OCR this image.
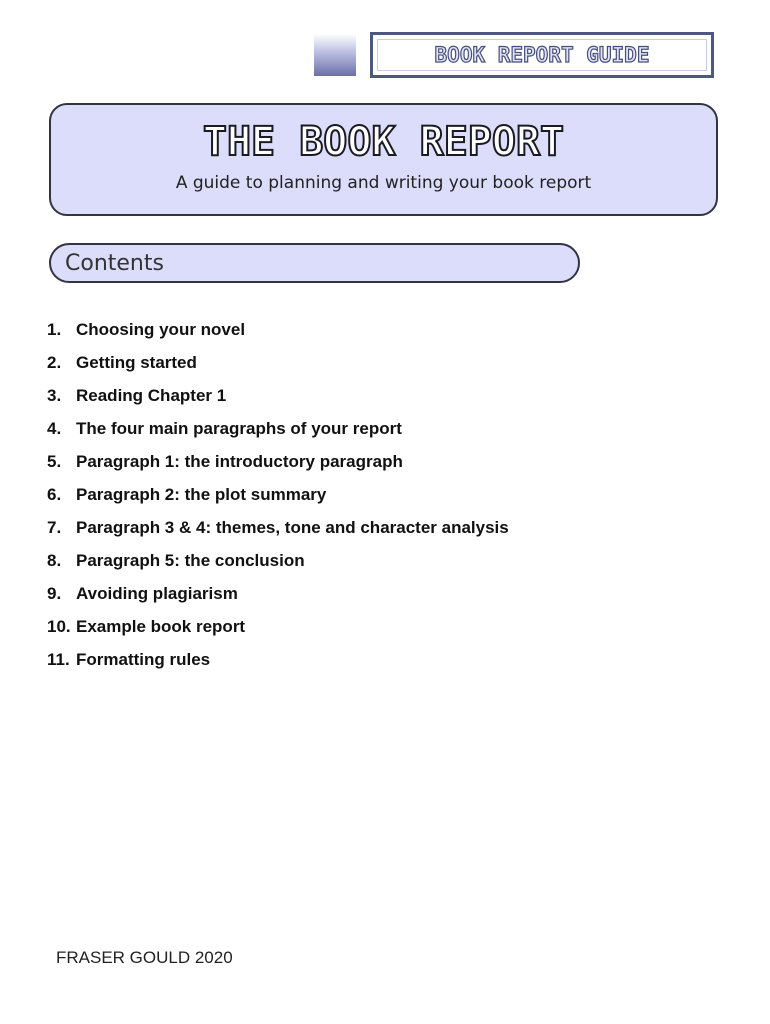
BOOK REPORT GUIDE
THE BOOK REPORT
A guide to planning and writing your book report
Contents
1. Choosing your novel
2. Getting started
3. Reading Chapter 1
4. The four main paragraphs of your report
5. Paragraph 1: the introductory paragraph
6. Paragraph 2: the plot summary
7. Paragraph 3 & 4: themes, tone and character analysis
8. Paragraph 5: the conclusion
9. Avoiding plagiarism
10. Example book report
11. Formatting rules
FRASER GOULD 2020
